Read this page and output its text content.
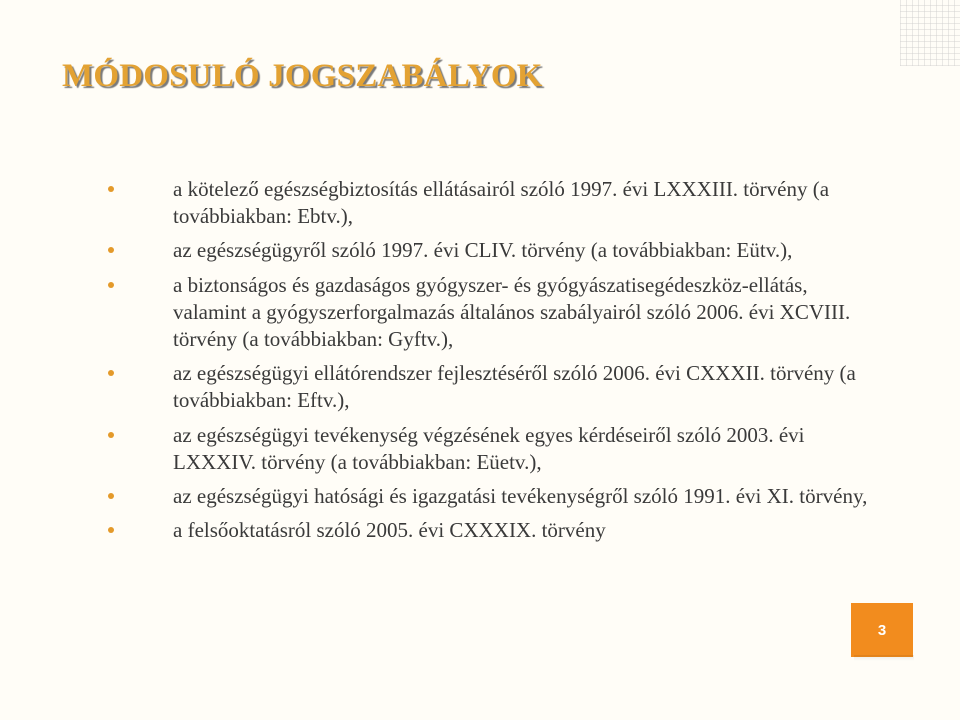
MÓDOSULÓ JOGSZABÁLYOK
a kötelező egészségbiztosítás ellátásairól szóló 1997. évi LXXXIII. törvény (a továbbiakban: Ebtv.),
az egészségügyről szóló 1997. évi CLIV. törvény (a továbbiakban: Eütv.),
a biztonságos és gazdaságos gyógyszer- és gyógyászatisegédeszköz-ellátás, valamint a gyógyszerforgalmazás általános szabályairól szóló 2006. évi XCVIII. törvény (a továbbiakban: Gyftv.),
az egészségügyi ellátórendszer fejlesztéséről szóló 2006. évi CXXXII. törvény (a továbbiakban: Eftv.),
az egészségügyi tevékenység végzésének egyes kérdéseiről szóló 2003. évi LXXXIV. törvény (a továbbiakban: Eüetv.),
az egészségügyi hatósági és igazgatási tevékenységről szóló 1991. évi XI. törvény,
a felsőoktatásról szóló 2005. évi CXXXIX. törvény
3
